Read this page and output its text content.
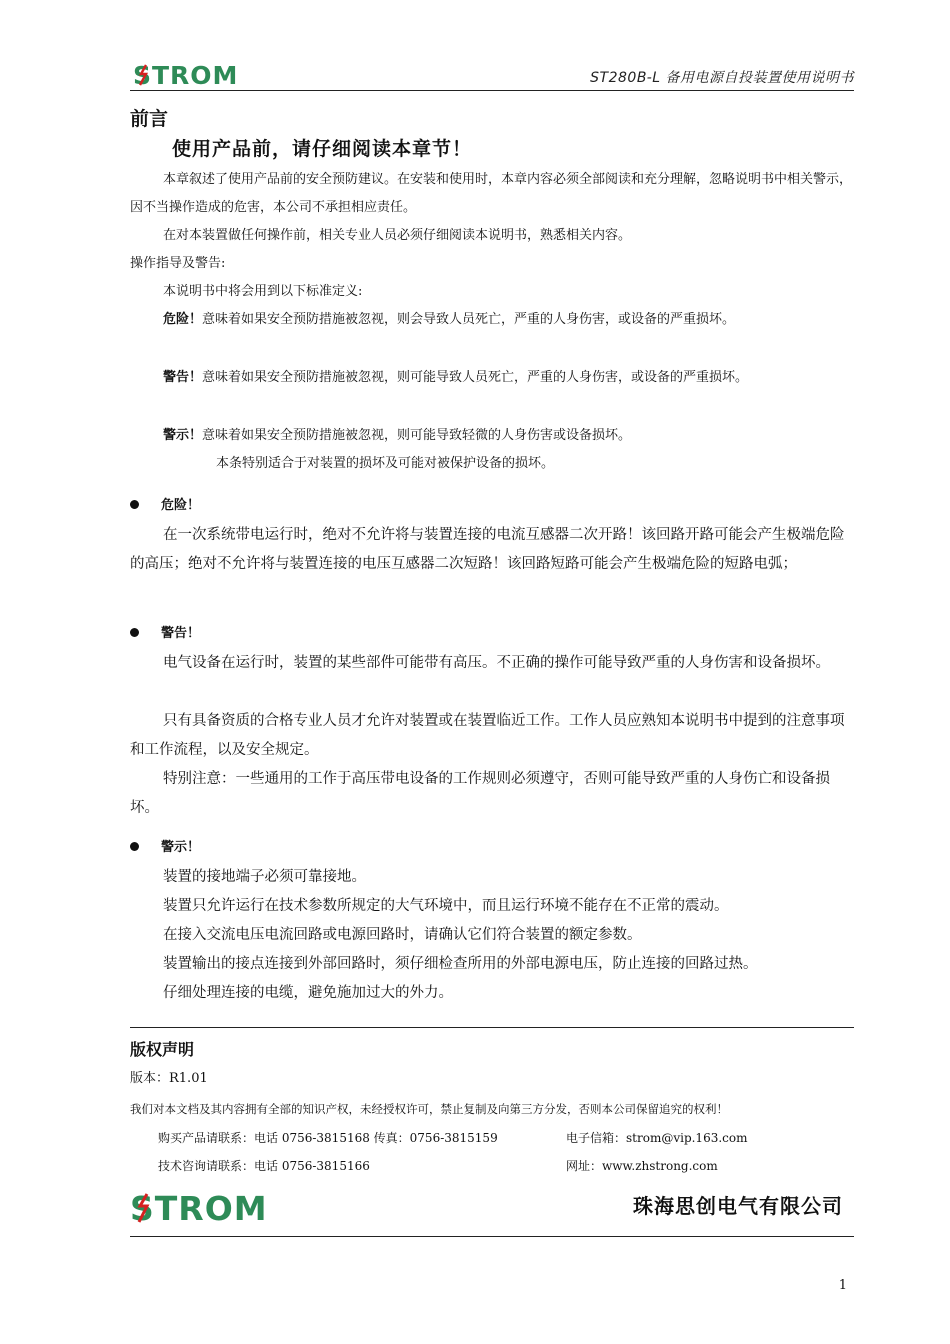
STROM	ST280B-L 备用电源自投装置使用说明书
前言
使用产品前，请仔细阅读本章节！

本章叙述了使用产品前的安全预防建议。在安装和使用时，本章内容必须全部阅读和充分理解，忽略说明书中相关警示，因不当操作造成的危害，本公司不承担相应责任。

在对本装置做任何操作前，相关专业人员必须仔细阅读本说明书，熟悉相关内容。

操作指导及警告:

本说明书中将会用到以下标准定义:

危险！意味着如果安全预防措施被忽视，则会导致人员死亡，严重的人身伤害，或设备的严重损坏。

警告！意味着如果安全预防措施被忽视，则可能导致人员死亡，严重的人身伤害，或设备的严重损坏。

警示！意味着如果安全预防措施被忽视，则可能导致轻微的人身伤害或设备损坏。

本条特别适合于对装置的损坏及可能对被保护设备的损坏。

危险！

在一次系统带电运行时，绝对不允许将与装置连接的电流互感器二次开路！该回路开路可能会产生极端危险的高压；绝对不允许将与装置连接的电压互感器二次短路！该回路短路可能会产生极端危险的短路电弧；

警告！

电气设备在运行时，装置的某些部件可能带有高压。不正确的操作可能导致严重的人身伤害和设备损坏。

只有具备资质的合格专业人员才允许对装置或在装置临近工作。工作人员应熟知本说明书中提到的注意事项和工作流程，以及安全规定。

特别注意：一些通用的工作于高压带电设备的工作规则必须遵守，否则可能导致严重的人身伤亡和设备损坏。

警示！

装置的接地端子必须可靠接地。

装置只允许运行在技术参数所规定的大气环境中，而且运行环境不能存在不正常的震动。

在接入交流电压电流回路或电源回路时，请确认它们符合装置的额定参数。

装置输出的接点连接到外部回路时，须仔细检查所用的外部电源电压，防止连接的回路过热。

仔细处理连接的电缆，避免施加过大的外力。

版权声明
版本：R1.01
我们对本文档及其内容拥有全部的知识产权，未经授权许可，禁止复制及向第三方分发，否则本公司保留追究的权利！
购买产品请联系：电话 0756-3815168 传真：0756-3815159	电子信箱：strom@vip.163.com
技术咨询请联系：电话 0756-3815166	网址：www.zhstrong.com
STROM	珠海思创电气有限公司
1
